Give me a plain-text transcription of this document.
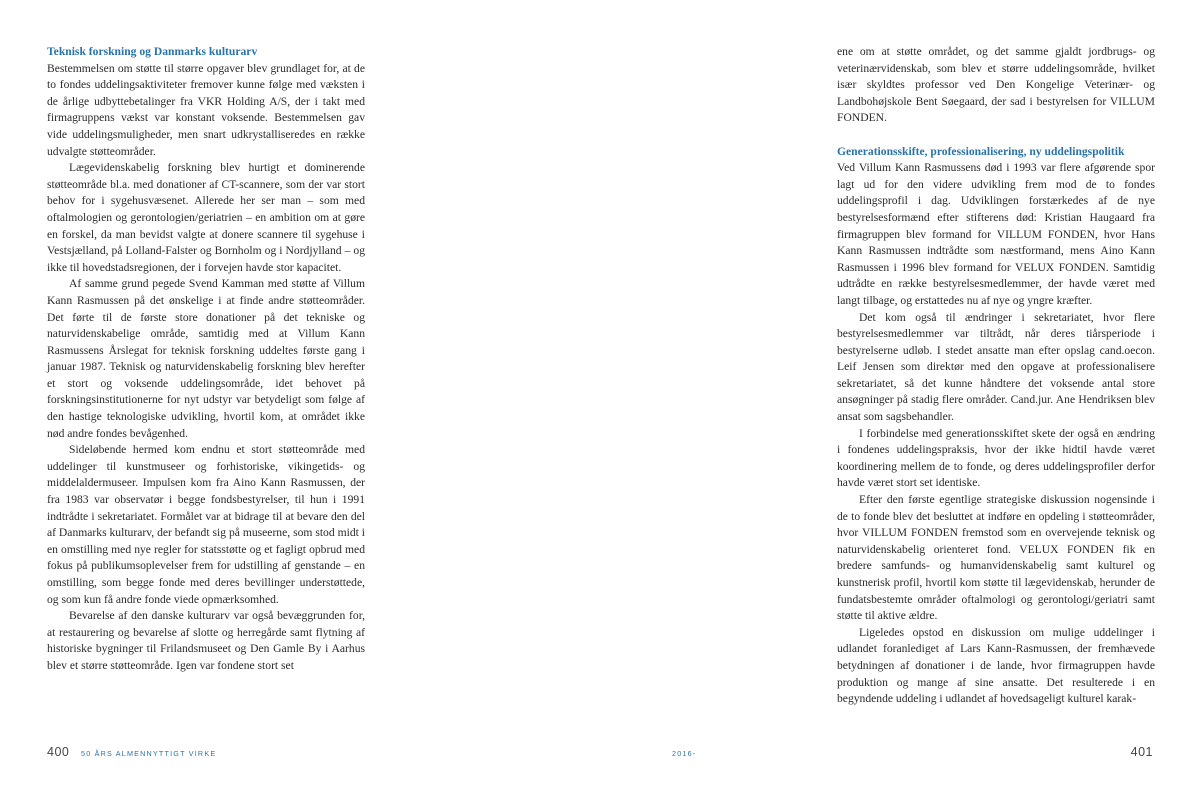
Teknisk forskning og Danmarks kulturarv

Bestemmelsen om støtte til større opgaver blev grundlaget for, at de to fondes uddelingsaktiviteter fremover kunne følge med væksten i de årlige udbyttebetalinger fra VKR Holding A/S, der i takt med firmagruppens vækst var konstant voksende. Bestemmelsen gav vide uddelingsmuligheder, men snart udkrystalliseredes en række udvalgte støtteområder.

Lægevidenskabelig forskning blev hurtigt et dominerende støtteområde bl.a. med donationer af CT-scannere, som der var stort behov for i sygehusvæsenet. Allerede her ser man – som med oftalmologien og gerontologien/geriatrien – en ambition om at gøre en forskel, da man bevidst valgte at donere scannere til sygehuse i Vestsjælland, på Lolland-Falster og Bornholm og i Nordjylland – og ikke til hovedstadsregionen, der i forvejen havde stor kapacitet.

Af samme grund pegede Svend Kamman med støtte af Villum Kann Rasmussen på det ønskelige i at finde andre støtteområder. Det førte til de første store donationer på det tekniske og naturvidenskabelige område, samtidig med at Villum Kann Rasmussens Årslegat for teknisk forskning uddeltes første gang i januar 1987. Teknisk og naturvidenskabelig forskning blev herefter et stort og voksende uddelingsområde, idet behovet på forskningsinstitutionerne for nyt udstyr var betydeligt som følge af den hastige teknologiske udvikling, hvortil kom, at området ikke nød andre fondes bevågenhed.

Sideløbende hermed kom endnu et stort støtteområde med uddelinger til kunstmuseer og forhistoriske, vikingetids- og middelaldermuseer. Impulsen kom fra Aino Kann Rasmussen, der fra 1983 var observatør i begge fondsbestyrelser, til hun i 1991 indtrådte i sekretariatet. Formålet var at bidrage til at bevare den del af Danmarks kulturarv, der befandt sig på museerne, som stod midt i en omstilling med nye regler for statsstøtte og et fagligt opbrud med fokus på publikumsoplevelser frem for udstilling af genstande – en omstilling, som begge fonde med deres bevillinger understøttede, og som kun få andre fonde viede opmærksomhed.

Bevarelse af den danske kulturarv var også bevæggrunden for, at restaurering og bevarelse af slotte og herregårde samt flytning af historiske bygninger til Frilandsmuseet og Den Gamle By i Aarhus blev et større støtteområde. Igen var fondene stort set

400 50 ÅRS ALMENNYTTIGT VIRKE

ene om at støtte området, og det samme gjaldt jordbrugs- og veterinærvidenskab, som blev et større uddelingsområde, hvilket især skyldtes professor ved Den Kongelige Veterinær- og Landbohøjskole Bent Søegaard, der sad i bestyrelsen for VILLUM FONDEN.

Generationsskifte, professionalisering, ny uddelingspolitik

Ved Villum Kann Rasmussens død i 1993 var flere afgørende spor lagt ud for den videre udvikling frem mod de to fondes uddelingsprofil i dag. Udviklingen forstærkedes af de nye bestyrelsesformænd efter stifterens død: Kristian Haugaard fra firmagruppen blev formand for VILLUM FONDEN, hvor Hans Kann Rasmussen indtrådte som næstformand, mens Aino Kann Rasmussen i 1996 blev formand for VELUX FONDEN. Samtidig udtrådte en række bestyrelsesmedlemmer, der havde været med langt tilbage, og erstattedes nu af nye og yngre kræfter.

Det kom også til ændringer i sekretariatet, hvor flere bestyrelsesmedlemmer var tiltrådt, når deres tiårsperiode i bestyrelserne udløb. I stedet ansatte man efter opslag cand.oecon. Leif Jensen som direktør med den opgave at professionalisere sekretariatet, så det kunne håndtere det voksende antal store ansøgninger på stadig flere områder. Cand.jur. Ane Hendriksen blev ansat som sagsbehandler.

I forbindelse med generationsskiftet skete der også en ændring i fondenes uddelingspraksis, hvor der ikke hidtil havde været koordinering mellem de to fonde, og deres uddelingsprofiler derfor havde været stort set identiske.

Efter den første egentlige strategiske diskussion nogensinde i de to fonde blev det besluttet at indføre en opdeling i støtteområder, hvor VILLUM FONDEN fremstod som en overvejende teknisk og naturvidenskabelig orienteret fond. VELUX FONDEN fik en bredere samfunds- og humanvidenskabelig samt kulturel og kunstnerisk profil, hvortil kom støtte til lægevidenskab, herunder de fundatsbestemte områder oftalmologi og gerontologi/geriatri samt støtte til aktive ældre.

Ligeledes opstod en diskussion om mulige uddelinger i udlandet foranlediget af Lars Kann-Rasmussen, der fremhævede betydningen af donationer i de lande, hvor firmagruppen havde produktion og mange af sine ansatte. Det resulterede i en begyndende uddeling i udlandet af hovedsageligt kulturel karak-

401
2016-
